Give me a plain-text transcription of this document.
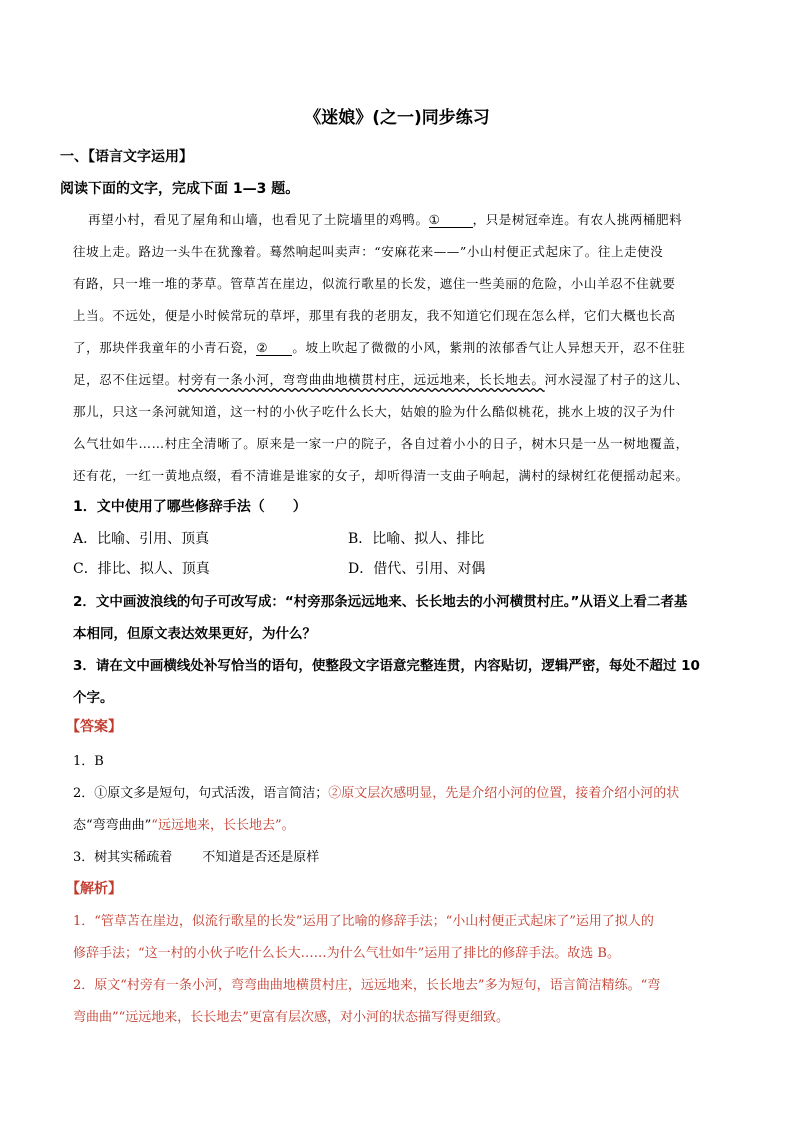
《迷娘》(之一)同步练习
一、【语言文字运用】
阅读下面的文字，完成下面 1—3 题。
再望小村，看见了屋角和山墙，也看见了土院墙里的鸡鸭。①	，只是树冠牵连。有农人挑两桶肥料
往坡上走。路边一头牛在犹豫着。蓦然响起叫卖声：“安麻花来——”小山村便正式起床了。往上走使没
有路，只一堆一堆的茅草。管草苫在崖边，似流行歌星的长发，遮住一些美丽的危险，小山羊忍不住就要
上当。不远处，便是小时候常玩的草坪，那里有我的老朋友，我不知道它们现在怎么样，它们大概也长高
了，那块伴我童年的小青石瓷，② 。坡上吹起了微微的小风，紫荆的浓郁香气让人异想天开，忍不住驻
足，忍不住远望。村旁有一条小河，弯弯曲曲地横贯村庄，远远地来，长长地去。河水浸湿了村子的这儿、
那儿，只这一条河就知道，这一村的小伙子吃什么长大，姑娘的脸为什么酷似桃花，挑水上坡的汉子为什
么气壮如牛……村庄全清晰了。原来是一家一户的院子，各自过着小小的日子，树木只是一丛一树地覆盖，
还有花，一红一黄地点缀，看不清谁是谁家的女子，却听得清一支曲子响起，满村的绿树红花便摇动起来。
1．文中使用了哪些修辞手法（　　）
A．比喻、引用、顶真	B．比喻、拟人、排比
C．排比、拟人、顶真	D．借代、引用、对偶
2．文中画波浪线的句子可改写成：“村旁那条远远地来、长长地去的小河横贯村庄。”从语义上看二者基
本相同，但原文表达效果更好，为什么？
3．请在文中画横线处补写恰当的语句，使整段文字语意完整连贯，内容贴切，逻辑严密，每处不超过 10
个字。
【答案】
1．B
2．①原文多是短句，句式活泼，语言简洁；②原文层次感明显，先是介绍小河的位置，接着介绍小河的状
态“弯弯曲曲”“远远地来，长长地去”。
3．树其实稀疏着 不知道是否还是原样
【解析】
1．“管草苫在崖边，似流行歌星的长发”运用了比喻的修辞手法；“小山村便正式起床了”运用了拟人的
修辞手法；“这一村的小伙子吃什么长大……为什么气壮如牛”运用了排比的修辞手法。故选 B。
2．原文“村旁有一条小河，弯弯曲曲地横贯村庄，远远地来，长长地去”多为短句，语言简洁精练。“弯
弯曲曲”“远远地来，长长地去”更富有层次感，对小河的状态描写得更细致。
